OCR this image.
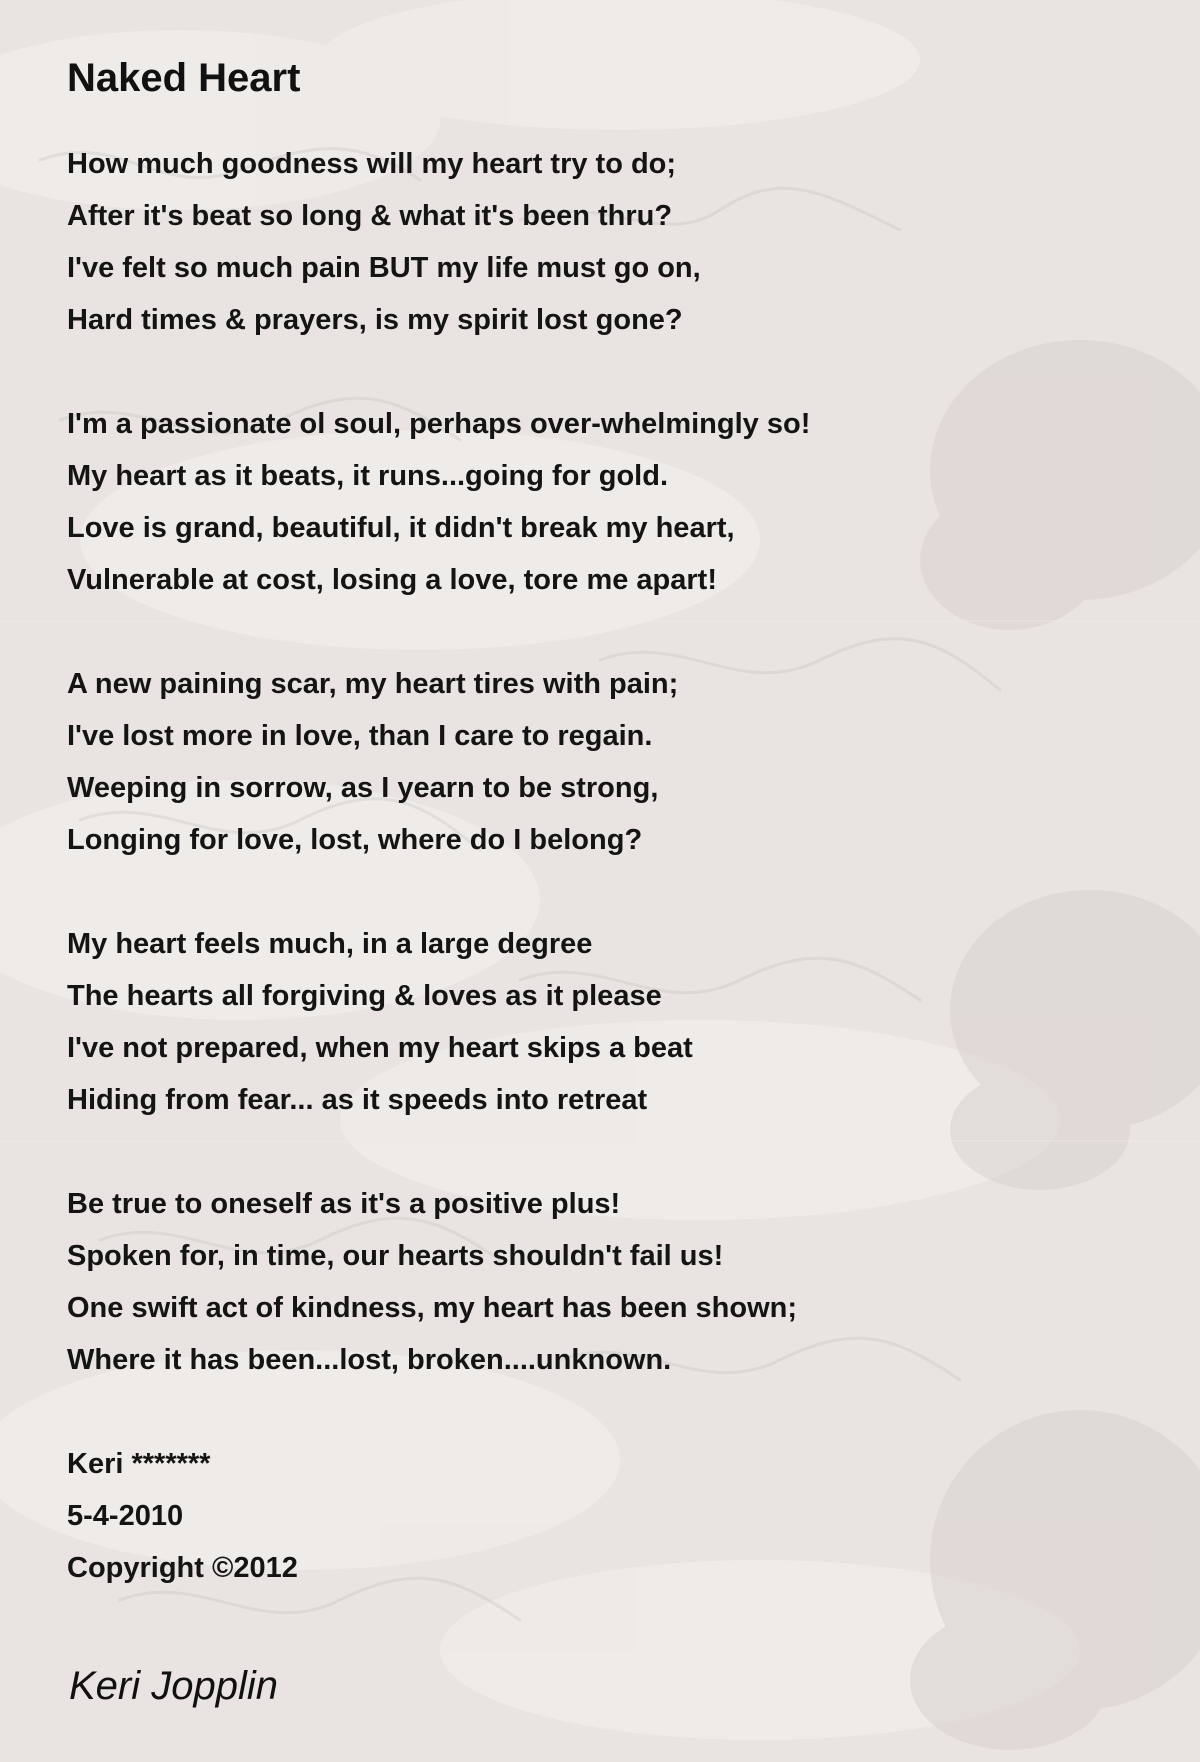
Naked Heart
How much goodness will my heart try to do;
After it's beat so long & what it's been thru?
I've felt so much pain BUT my life must go on,
Hard times & prayers, is my spirit lost gone?
I'm a passionate ol soul, perhaps over-whelmingly so!
My heart as it beats, it runs...going for gold.
Love is grand, beautiful, it didn't break my heart,
Vulnerable at cost, losing a love, tore me apart!
A new paining scar, my heart tires with pain;
I've lost more in love, than I care to regain.
Weeping in sorrow, as I yearn to be strong,
Longing for love, lost, where do I belong?
My heart feels much, in a large degree
The hearts all forgiving & loves as it please
I've not prepared, when my heart skips a beat
Hiding from fear... as it speeds into retreat
Be true to oneself as it's a positive plus!
Spoken for, in time, our hearts shouldn't fail us!
One swift act of kindness, my heart has been shown;
Where it has been...lost, broken....unknown.
Keri *******
5-4-2010
Copyright ©2012
Keri Jopplin
